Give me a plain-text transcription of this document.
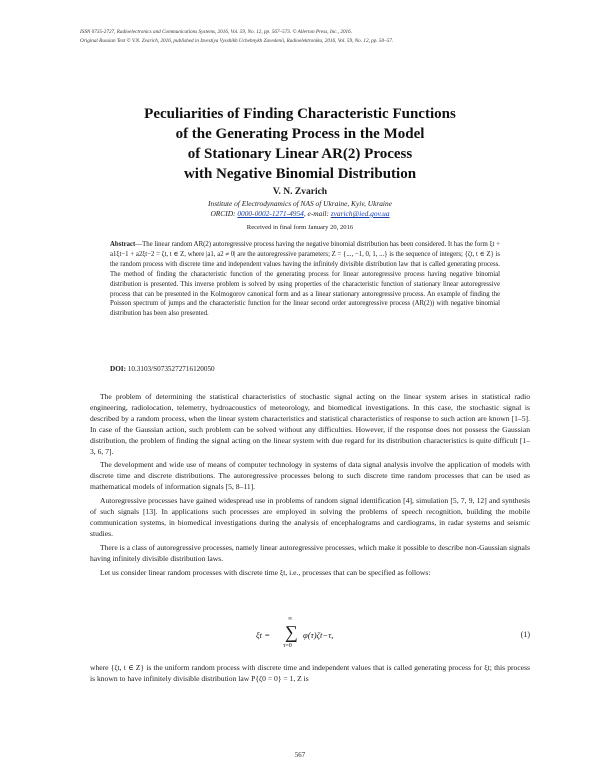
ISSN 0735-2727, Radioelectronics and Communications Systems, 2016, Vol. 59, No. 12, pp. 567–573. © Allerton Press, Inc., 2016.
Original Russian Text © V.N. Zvarich, 2016, published in Izvestiya Vysshikh Uchebnykh Zavedenii, Radioelektronika, 2016, Vol. 59, No. 12, pp. 50–57.
Peculiarities of Finding Characteristic Functions
of the Generating Process in the Model
of Stationary Linear AR(2) Process
with Negative Binomial Distribution
V. N. Zvarich
Institute of Electrodynamics of NAS of Ukraine, Kyiv, Ukraine
ORCID: 0000-0002-1271-4954, e-mail: zvarich@ied.gov.ua
Received in final form January 20, 2016

Abstract—The linear random AR(2) autoregressive process having the negative binomial distribution has been considered. It has the form ξt + a1ξt−1 + a2ξt−2 = ζt, t ∈ Z, where |a1, a2 ≠ 0| are the autoregressive parameters; Z = {..., −1, 0, 1, ...} is the sequence of integers; {ζt, t ∈ Z} is the random process with discrete time and independent values having the infinitely divisible distribution law that is called generating process. The method of finding the characteristic function of the generating process for linear autoregressive process having negative binomial distribution is presented. This inverse problem is solved by using properties of the characteristic function of stationary linear autoregressive process that can be presented in the Kolmogorov canonical form and as a linear stationary autoregressive process. An example of finding the Poisson spectrum of jumps and the characteristic function for the linear second order autoregressive process (AR(2)) with negative binomial distribution has been also presented.

DOI: 10.3103/S0735272716120050

The problem of determining the statistical characteristics of stochastic signal acting on the linear system arises in statistical radio engineering, radiolocation, telemetry, hydroacoustics of meteorology, and biomedical investigations. In this case, the stochastic signal is described by a random process, when the linear system characteristics and statistical characteristics of response to such action are known [1–5]. In case of the Gaussian action, such problem can be solved without any difficulties. However, if the response does not possess the Gaussian distribution, the problem of finding the signal acting on the linear system with due regard for its distribution characteristics is quite difficult [1–3, 6, 7].

The development and wide use of means of computer technology in systems of data signal analysis involve the application of models with discrete time and discrete distributions. The autoregressive processes belong to such discrete time random processes that can be used as mathematical models of information signals [5, 8–11].

Autoregressive processes have gained widespread use in problems of random signal identification [4], simulation [5, 7, 9, 12] and synthesis of such signals [13]. In applications such processes are employed in solving the problems of speech recognition, building the mobile communication systems, in biomedical investigations during the analysis of encephalograms and cardiograms, in radar systems and seismic studies.

There is a class of autoregressive processes, namely linear autoregressive processes, which make it possible to describe non-Gaussian signals having infinitely divisible distribution laws.

Let us consider linear random processes with discrete time ξt, i.e., processes that can be specified as follows:

ξt =
∞
∑
τ=0
φ(τ)ζt−τ,	(1)
where {ζt, t ∈ Z} is the uniform random process with discrete time and independent values that is called generating process for ξt; this process is known to have infinitely divisible distribution law P{ζ0 = 0} = 1, Z is
567
